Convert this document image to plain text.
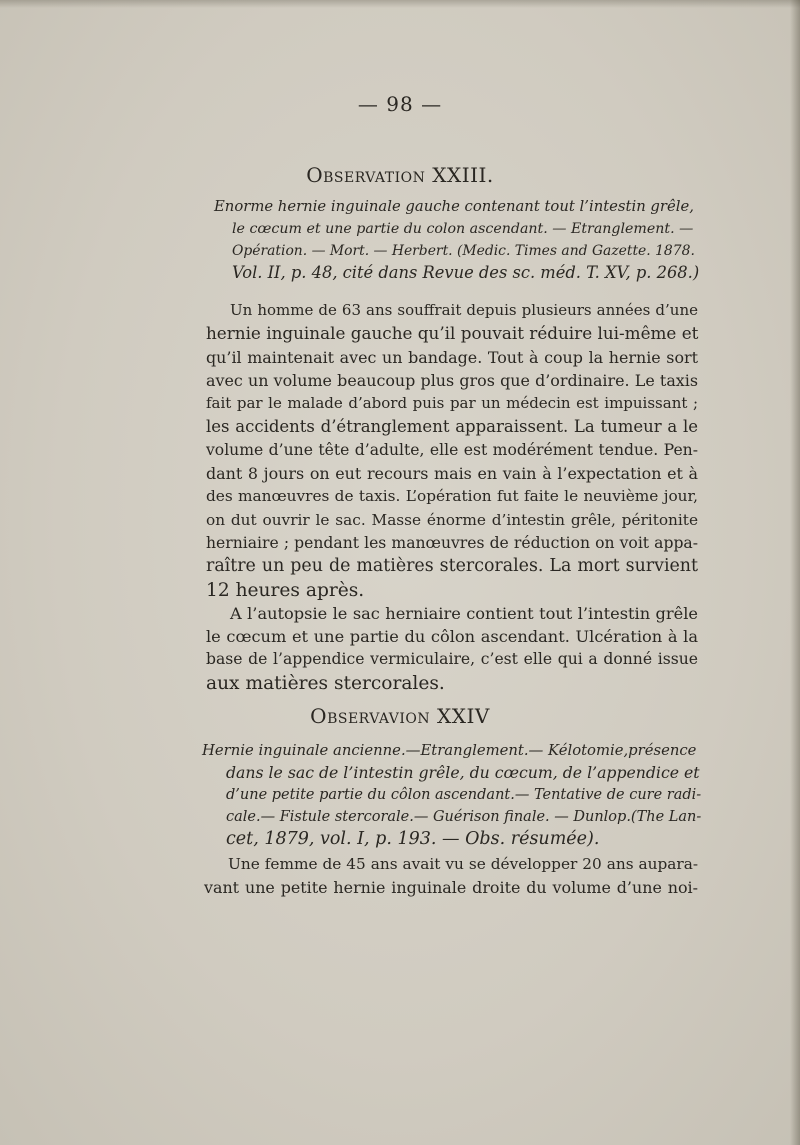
— 98 —
Observation XXIII.

Enorme hernie inguinale gauche contenant tout l’intestin grêle,

le cœcum et une partie du colon ascendant. — Etranglement. —

Opération. — Mort. — Herbert. (Medic. Times and Gazette. 1878.

Vol. II, p. 48, cité dans Revue des sc. méd. T. XV, p. 268.)

Un homme de 63 ans souffrait depuis plusieurs années d’une
hernie inguinale gauche qu’il pouvait réduire lui-même et
qu’il maintenait avec un bandage. Tout à coup la hernie sort
avec un volume beaucoup plus gros que d’ordinaire. Le taxis
fait par le malade d’abord puis par un médecin est impuissant ;
les accidents d’étranglement apparaissent. La tumeur a le
volume d’une tête d’adulte, elle est modérément tendue. Pen-
dant 8 jours on eut recours mais en vain à l’expectation et à
des manœuvres de taxis. L’opération fut faite le neuvième jour,
on dut ouvrir le sac. Masse énorme d’intestin grêle, péritonite
herniaire ; pendant les manœuvres de réduction on voit appa-
raître un peu de matières stercorales. La mort survient
12 heures après.
A l’autopsie le sac herniaire contient tout l’intestin grêle
le cœcum et une partie du côlon ascendant. Ulcération à la
base de l’appendice vermiculaire, c’est elle qui a donné issue
aux matières stercorales.
Observavion XXIV

Hernie inguinale ancienne.—Etranglement.— Kélotomie,présence

dans le sac de l’intestin grêle, du cœcum, de l’appendice et

d’une petite partie du côlon ascendant.— Tentative de cure radi-

cale.— Fistule stercorale.— Guérison finale. — Dunlop.(The Lan-

cet, 1879, vol. I, p. 193. — Obs. résumée).

Une femme de 45 ans avait vu se développer 20 ans aupara-
vant une petite hernie inguinale droite du volume d’une noi-
